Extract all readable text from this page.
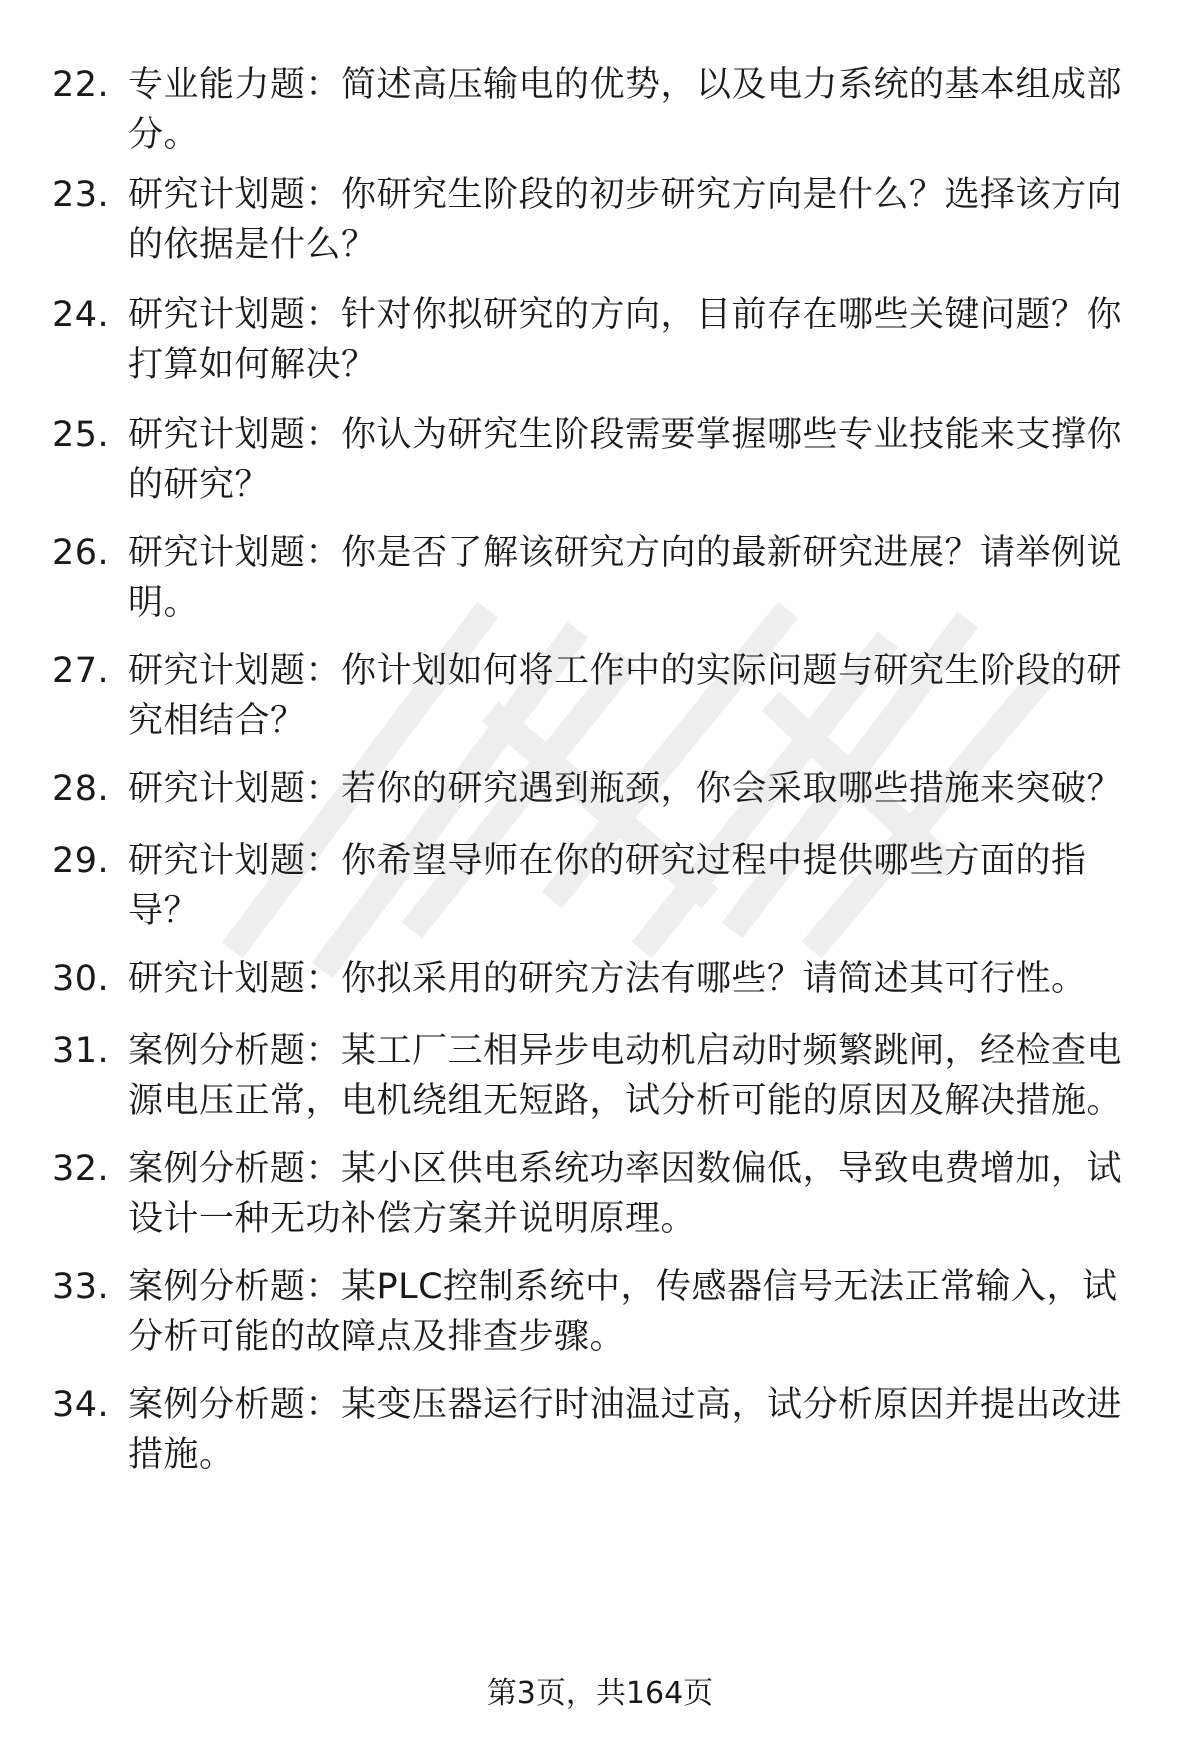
22. 专业能力题：简述高压输电的优势，以及电力系统的基本组成部分。
23. 研究计划题：你研究生阶段的初步研究方向是什么？选择该方向的依据是什么？
24. 研究计划题：针对你拟研究的方向，目前存在哪些关键问题？你打算如何解决？
25. 研究计划题：你认为研究生阶段需要掌握哪些专业技能来支撑你的研究？
26. 研究计划题：你是否了解该研究方向的最新研究进展？请举例说明。
27. 研究计划题：你计划如何将工作中的实际问题与研究生阶段的研究相结合？
28. 研究计划题：若你的研究遇到瓶颈，你会采取哪些措施来突破？
29. 研究计划题：你希望导师在你的研究过程中提供哪些方面的指导？
30. 研究计划题：你拟采用的研究方法有哪些？请简述其可行性。
31. 案例分析题：某工厂三相异步电动机启动时频繁跳闸，经检查电源电压正常，电机绕组无短路，试分析可能的原因及解决措施。
32. 案例分析题：某小区供电系统功率因数偏低，导致电费增加，试设计一种无功补偿方案并说明原理。
33. 案例分析题：某PLC控制系统中，传感器信号无法正常输入，试分析可能的故障点及排查步骤。
34. 案例分析题：某变压器运行时油温过高，试分析原因并提出改进措施。
第3页，共164页
